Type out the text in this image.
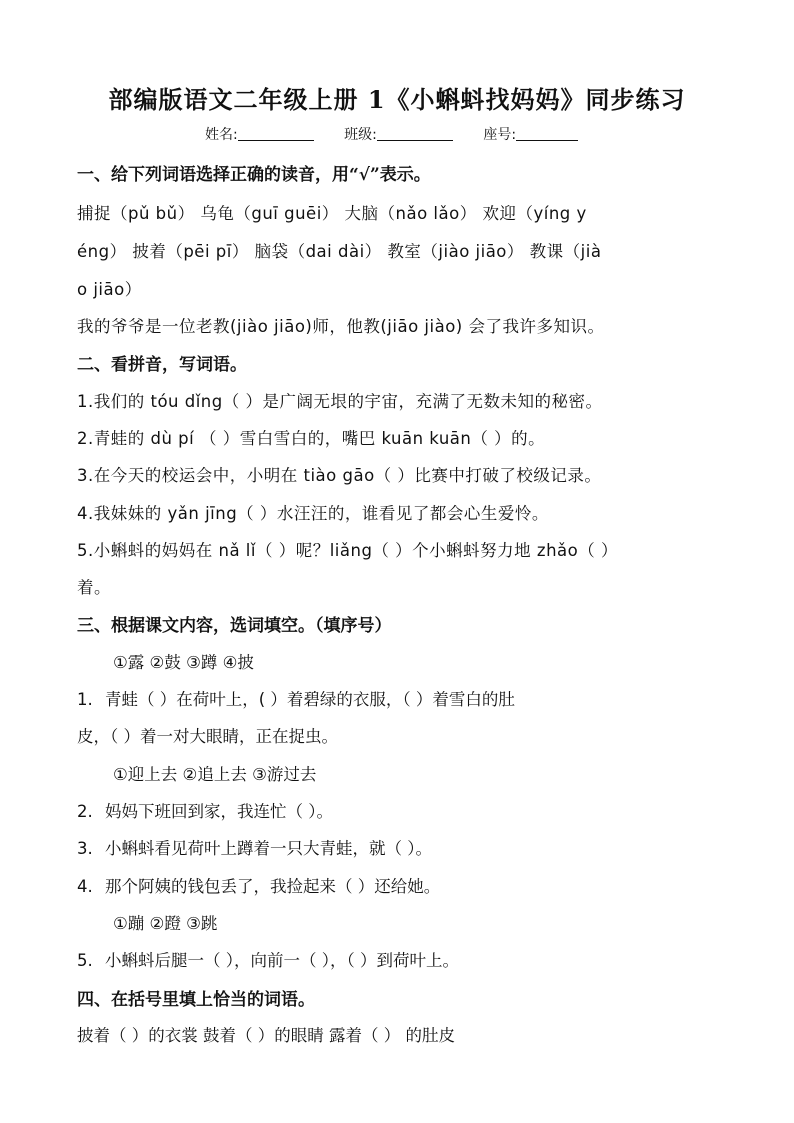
部编版语文二年级上册 1《小蝌蚪找妈妈》同步练习
姓名:	班级:	座号:
一、给下列词语选择正确的读音，用“√”表示。
捕捉（pǔ bǔ） 乌龟（guī guēi） 大脑（nǎo lǎo） 欢迎（yíng y
éng） 披着（pēi pī） 脑袋（dai dài） 教室（jiào jiāo） 教课（jià
o jiāo）
我的爷爷是一位老教(jiào jiāo)师，他教(jiāo jiào) 会了我许多知识。
二、看拼音，写词语。
1.我们的 tóu dǐng（ ）是广阔无垠的宇宙，充满了无数未知的秘密。
2.青蛙的 dù pí （ ）雪白雪白的，嘴巴 kuān kuān（ ）的。
3.在今天的校运会中，小明在 tiào gāo（ ）比赛中打破了校级记录。
4.我妹妹的 yǎn jīng（ ）水汪汪的，谁看见了都会心生爱怜。
5.小蝌蚪的妈妈在 nǎ lǐ（ ）呢？liǎng（ ）个小蝌蚪努力地 zhǎo（ ）
着。
三、根据课文内容，选词填空。（填序号）
①露 ②鼓 ③蹲 ④披
1. 青蛙（ ）在荷叶上，( ）着碧绿的衣服，（ ）着雪白的肚
皮，（ ）着一对大眼睛，正在捉虫。
①迎上去 ②追上去 ③游过去
2. 妈妈下班回到家，我连忙（ ）。
3. 小蝌蚪看见荷叶上蹲着一只大青蛙，就（ ）。
4. 那个阿姨的钱包丢了，我捡起来（ ）还给她。
①蹦 ②蹬 ③跳
5. 小蝌蚪后腿一（ ），向前一（ ），（ ）到荷叶上。
四、在括号里填上恰当的词语。
披着（ ）的衣裳 鼓着（ ）的眼睛 露着（ ） 的肚皮
